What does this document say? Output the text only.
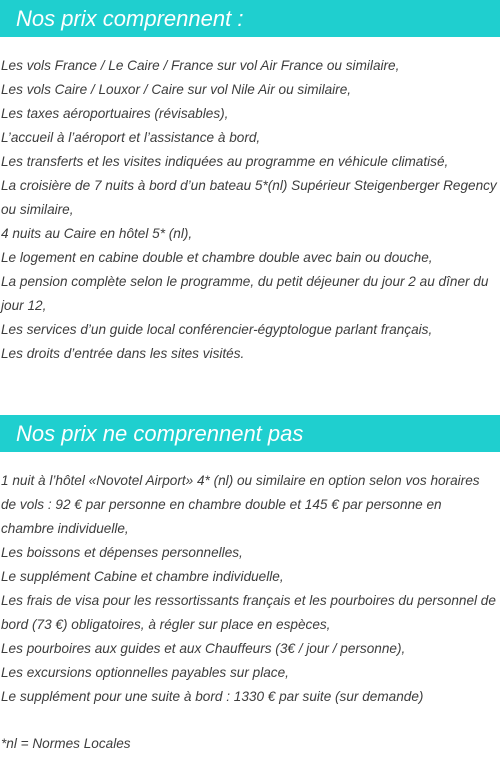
Nos prix comprennent :
Les vols France / Le Caire / France sur vol Air France ou similaire,
Les vols Caire / Louxor / Caire sur vol Nile Air ou similaire,
Les taxes aéroportuaires (révisables),
L’accueil à l’aéroport et l’assistance à bord,
Les transferts et les visites indiquées au programme en véhicule climatisé,
La croisière de 7 nuits à bord d’un bateau 5*(nl) Supérieur Steigenberger Regency ou similaire,
4 nuits au Caire en hôtel 5* (nl),
Le logement en cabine double et chambre double avec bain ou douche,
La pension complète selon le programme, du petit déjeuner du jour 2 au dîner du jour 12,
Les services d’un guide local conférencier-égyptologue parlant français,
Les droits d’entrée dans les sites visités.
Nos prix ne comprennent pas
1 nuit à l’hôtel «Novotel Airport» 4* (nl) ou similaire en option selon vos horaires de vols : 92 € par personne en chambre double et 145 € par personne en chambre individuelle,
Les boissons et dépenses personnelles,
Le supplément Cabine et chambre individuelle,
Les frais de visa pour les ressortissants français et les pourboires du personnel de bord (73 €) obligatoires, à régler sur place en espèces,
Les pourboires aux guides et aux Chauffeurs (3€ / jour / personne),
Les excursions optionnelles payables sur place,
Le supplément pour une suite à bord : 1330 € par suite (sur demande)
*nl = Normes Locales
